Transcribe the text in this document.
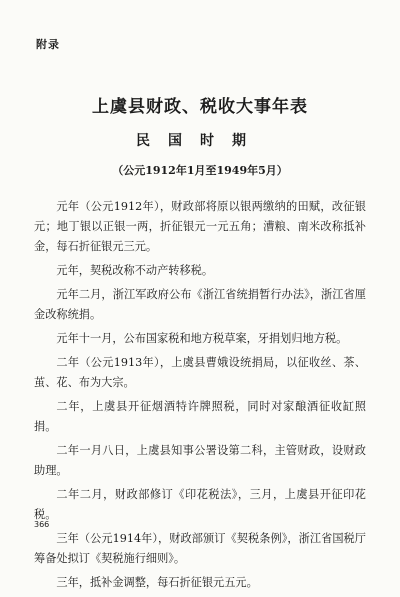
附录
上虞县财政、税收大事年表
民国时期
（公元1912年1月至1949年5月）

元年（公元1912年），财政部将原以银两缴纳的田赋，改征银元；地丁银以正银一两，折征银元一元五角；漕粮、南米改称抵补金，每石折征银元三元。

元年，契税改称不动产转移税。

元年二月，浙江军政府公布《浙江省统捐暂行办法》，浙江省厘金改称统捐。

元年十一月，公布国家税和地方税草案，牙捐划归地方税。

二年（公元1913年），上虞县曹娥设统捐局，以征收丝、茶、茧、花、布为大宗。

二年，上虞县开征烟酒特许牌照税，同时对家酿酒征收缸照捐。

二年一月八日，上虞县知事公署设第二科，主管财政，设财政助理。

二年二月，财政部修订《印花税法》，三月，上虞县开征印花税。

三年（公元1914年），财政部颁订《契税条例》，浙江省国税厅筹备处拟订《契税施行细则》。

三年，抵补金调整，每石折征银元五元。

366
